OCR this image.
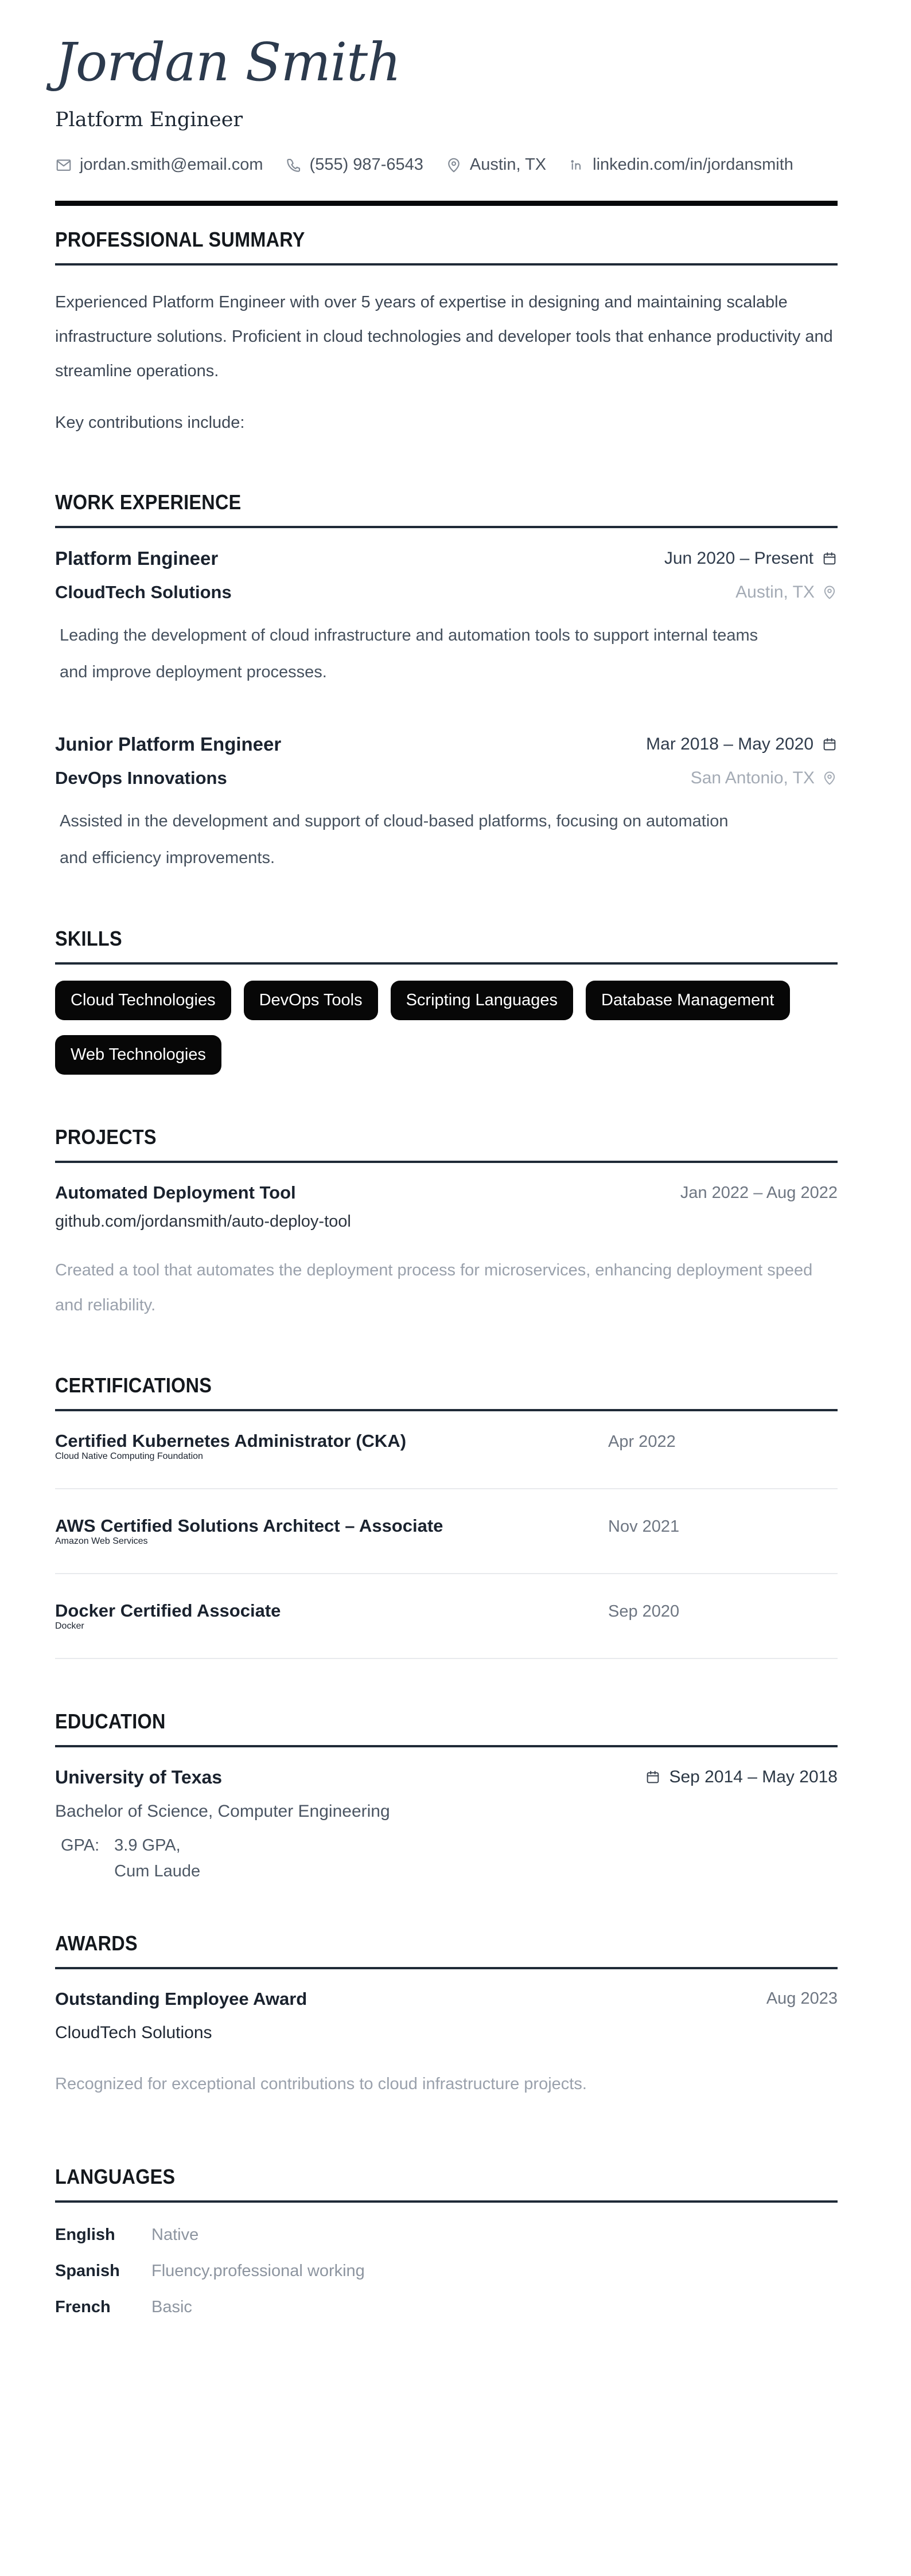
Jordan Smith
Platform Engineer
jordan.smith@email.com	(555) 987-6543	Austin, TX	linkedin.com/in/jordansmith
PROFESSIONAL SUMMARY

Experienced Platform Engineer with over 5 years of expertise in designing and maintaining scalable infrastructure solutions. Proficient in cloud technologies and developer tools that enhance productivity and streamline operations.

Key contributions include:

WORK EXPERIENCE
Platform Engineer	Jun 2020 – Present
CloudTech Solutions	Austin, TX
Leading the development of cloud infrastructure and automation tools to support internal teams and improve deployment processes.
Junior Platform Engineer	Mar 2018 – May 2020
DevOps Innovations	San Antonio, TX
Assisted in the development and support of cloud-based platforms, focusing on automation and efficiency improvements.
SKILLS
Cloud Technologies	DevOps Tools	Scripting Languages	Database Management
Web Technologies
PROJECTS
Automated Deployment Tool	Jan 2022 – Aug 2022
github.com/jordansmith/auto-deploy-tool
Created a tool that automates the deployment process for microservices, enhancing deployment speed and reliability.
CERTIFICATIONS
Certified Kubernetes Administrator (CKA)	Apr 2022
Cloud Native Computing Foundation
AWS Certified Solutions Architect – Associate	Nov 2021
Amazon Web Services
Docker Certified Associate	Sep 2020
Docker
EDUCATION
University of Texas	Sep 2014 – May 2018
Bachelor of Science, Computer Engineering
GPA: 3.9 GPA,
Cum Laude
AWARDS
Outstanding Employee Award	Aug 2023
CloudTech Solutions
Recognized for exceptional contributions to cloud infrastructure projects.
LANGUAGES
English	Native
Spanish	Fluency.professional working
French	Basic
